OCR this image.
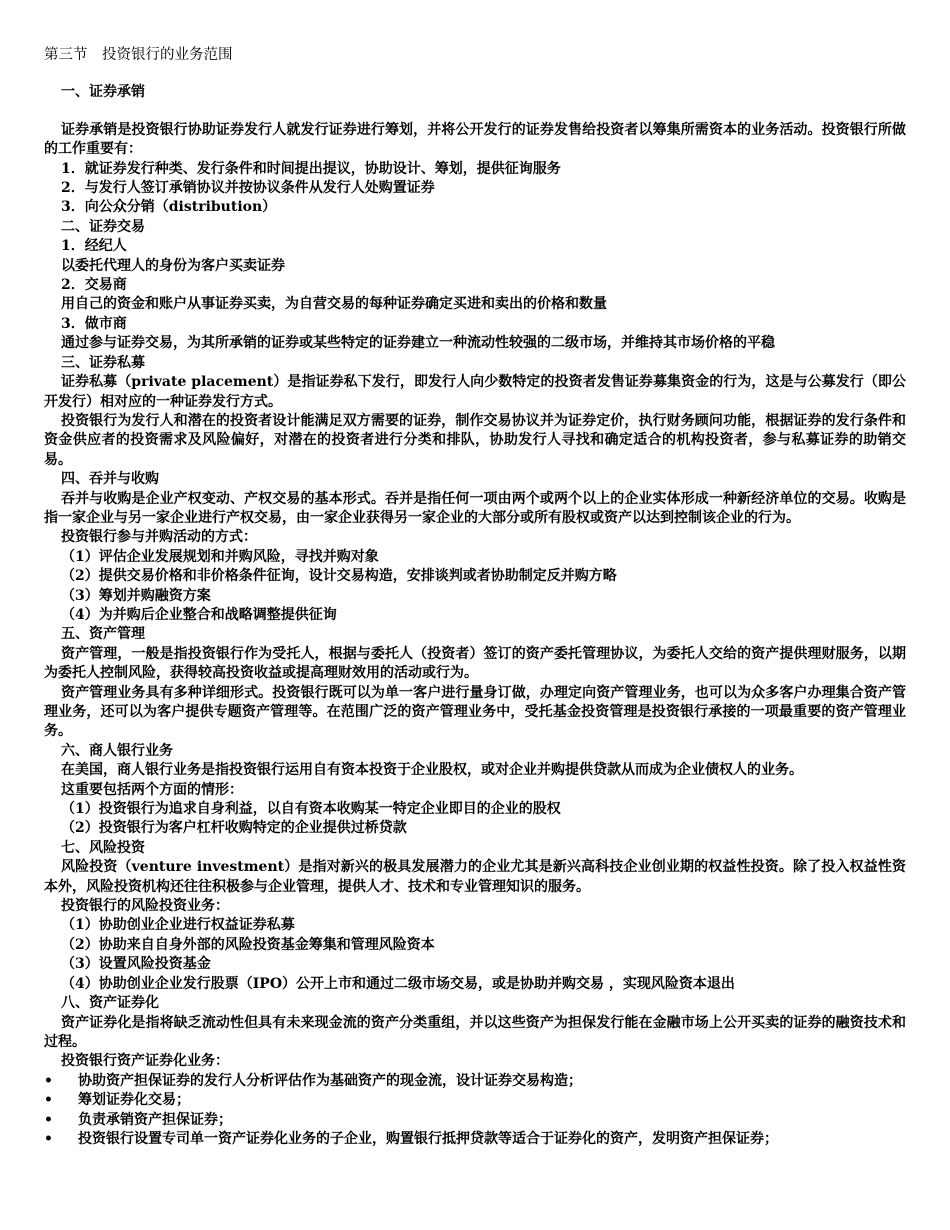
第三节　投资银行的业务范围
一、证券承销
证券承销是投资银行协助证券发行人就发行证券进行筹划，并将公开发行的证券发售给投资者以筹集所需资本的业务活动。投资银行所做的工作重要有：
1．就证券发行种类、发行条件和时间提出提议，协助设计、筹划，提供征询服务
2．与发行人签订承销协议并按协议条件从发行人处购置证券
3．向公众分销（distribution）
二、证券交易
1．经纪人
以委托代理人的身份为客户买卖证券
2．交易商
用自己的资金和账户从事证券买卖，为自营交易的每种证券确定买进和卖出的价格和数量
3．做市商
通过参与证券交易，为其所承销的证券或某些特定的证券建立一种流动性较强的二级市场，并维持其市场价格的平稳
三、证券私募
证券私募（private placement）是指证券私下发行，即发行人向少数特定的投资者发售证券募集资金的行为，这是与公募发行（即公开发行）相对应的一种证券发行方式。
投资银行为发行人和潜在的投资者设计能满足双方需要的证券，制作交易协议并为证券定价，执行财务顾问功能，根据证券的发行条件和资金供应者的投资需求及风险偏好，对潜在的投资者进行分类和排队，协助发行人寻找和确定适合的机构投资者，参与私募证券的助销交易。
四、吞并与收购
吞并与收购是企业产权变动、产权交易的基本形式。吞并是指任何一项由两个或两个以上的企业实体形成一种新经济单位的交易。收购是指一家企业与另一家企业进行产权交易，由一家企业获得另一家企业的大部分或所有股权或资产以达到控制该企业的行为。
投资银行参与并购活动的方式：
（1）评估企业发展规划和并购风险，寻找并购对象
（2）提供交易价格和非价格条件征询，设计交易构造，安排谈判或者协助制定反并购方略
（3）筹划并购融资方案
（4）为并购后企业整合和战略调整提供征询
五、资产管理
资产管理，一般是指投资银行作为受托人，根据与委托人（投资者）签订的资产委托管理协议，为委托人交给的资产提供理财服务，以期为委托人控制风险，获得较高投资收益或提高理财效用的活动或行为。
资产管理业务具有多种详细形式。投资银行既可以为单一客户进行量身订做，办理定向资产管理业务，也可以为众多客户办理集合资产管理业务，还可以为客户提供专题资产管理等。在范围广泛的资产管理业务中，受托基金投资管理是投资银行承接的一项最重要的资产管理业务。
六、商人银行业务
在美国，商人银行业务是指投资银行运用自有资本投资于企业股权，或对企业并购提供贷款从而成为企业债权人的业务。
这重要包括两个方面的情形：
（1）投资银行为追求自身利益，以自有资本收购某一特定企业即目的企业的股权
（2）投资银行为客户杠杆收购特定的企业提供过桥贷款
七、风险投资
风险投资（venture investment）是指对新兴的极具发展潜力的企业尤其是新兴高科技企业创业期的权益性投资。除了投入权益性资本外，风险投资机构还往往积极参与企业管理，提供人才、技术和专业管理知识的服务。
投资银行的风险投资业务：
（1）协助创业企业进行权益证券私募
（2）协助来自自身外部的风险投资基金筹集和管理风险资本
（3）设置风险投资基金
（4）协助创业企业发行股票（IPO）公开上市和通过二级市场交易，或是协助并购交易 ，实现风险资本退出
八、资产证券化
资产证券化是指将缺乏流动性但具有未来现金流的资产分类重组，并以这些资产为担保发行能在金融市场上公开买卖的证券的融资技术和过程。
投资银行资产证券化业务：
•	协助资产担保证券的发行人分析评估作为基础资产的现金流，设计证券交易构造；
•	筹划证券化交易；
•	负责承销资产担保证券；
•	投资银行设置专司单一资产证券化业务的子企业，购置银行抵押贷款等适合于证券化的资产，发明资产担保证券；
